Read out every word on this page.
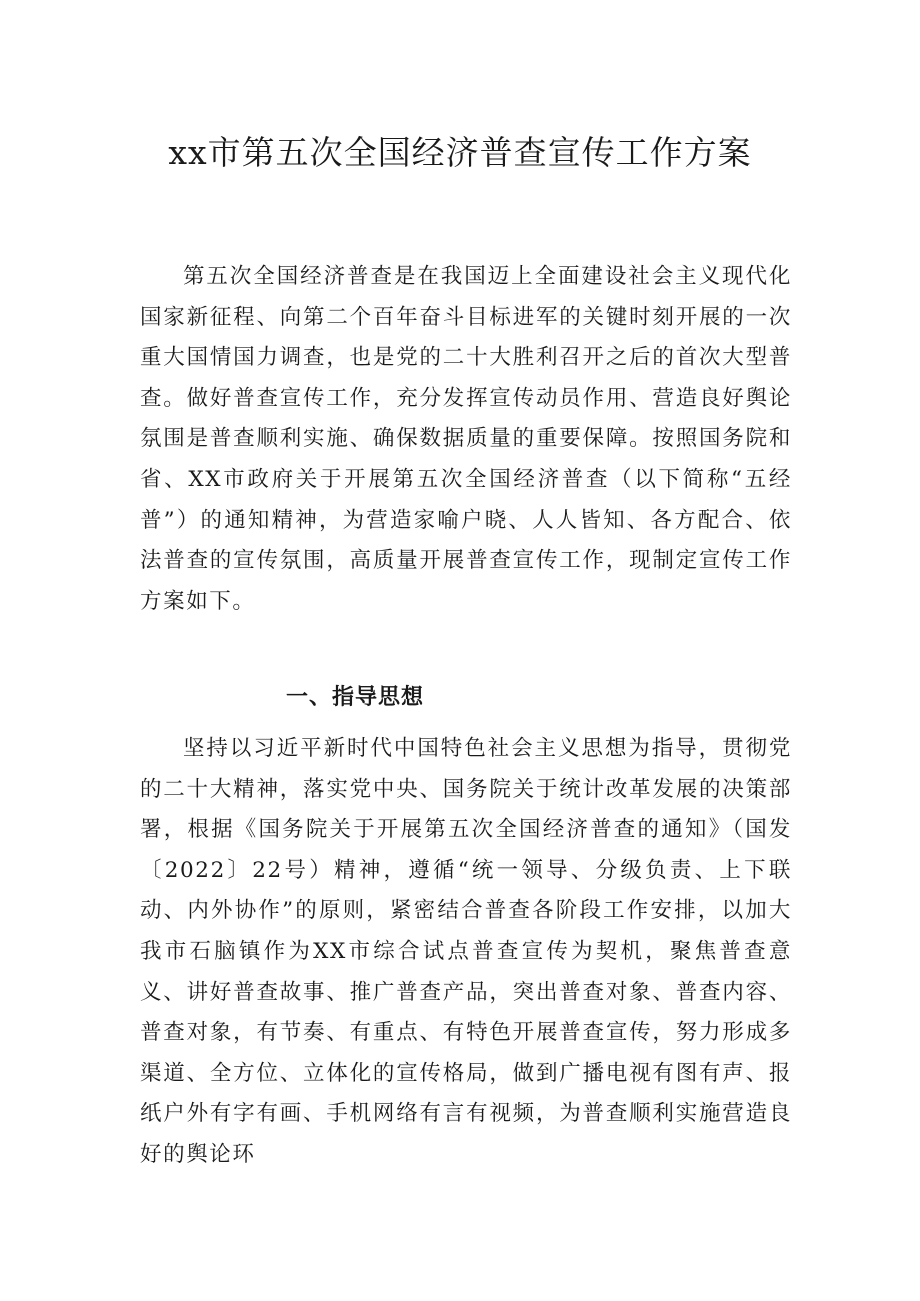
xx市第五次全国经济普查宣传工作方案

第五次全国经济普查是在我国迈上全面建设社会主义现代化国家新征程、向第二个百年奋斗目标进军的关键时刻开展的一次重大国情国力调查，也是党的二十大胜利召开之后的首次大型普查。做好普查宣传工作，充分发挥宣传动员作用、营造良好舆论氛围是普查顺利实施、确保数据质量的重要保障。按照国务院和省、XX市政府关于开展第五次全国经济普查（以下简称“五经普”）的通知精神，为营造家喻户晓、人人皆知、各方配合、依法普查的宣传氛围，高质量开展普查宣传工作，现制定宣传工作方案如下。

一、指导思想

坚持以习近平新时代中国特色社会主义思想为指导，贯彻党的二十大精神，落实党中央、国务院关于统计改革发展的决策部署，根据《国务院关于开展第五次全国经济普查的通知》（国发〔2022〕22号）精神，遵循“统一领导、分级负责、上下联动、内外协作”的原则，紧密结合普查各阶段工作安排，以加大我市石脑镇作为XX市综合试点普查宣传为契机，聚焦普查意义、讲好普查故事、推广普查产品，突出普查对象、普查内容、普查对象，有节奏、有重点、有特色开展普查宣传，努力形成多渠道、全方位、立体化的宣传格局，做到广播电视有图有声、报纸户外有字有画、手机网络有言有视频，为普查顺利实施营造良好的舆论环
